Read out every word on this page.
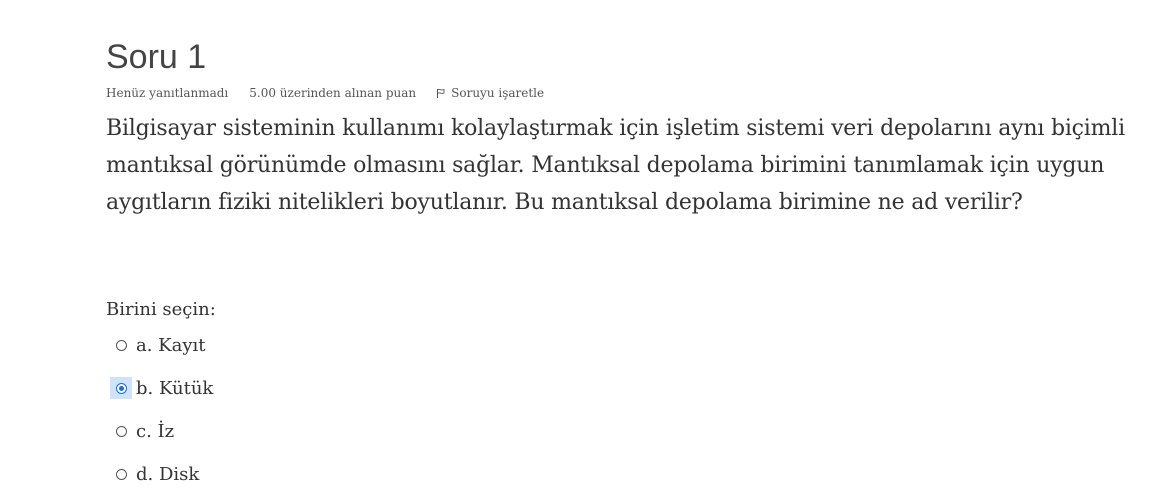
Soru 1
Henüz yanıtlanmadı 5.00 üzerinden alınan puan	Soruyu işaretle

Bilgisayar sisteminin kullanımı kolaylaştırmak için işletim sistemi veri depolarını aynı biçimli mantıksal görünümde olmasını sağlar. Mantıksal depolama birimini tanımlamak için uygun aygıtların fiziki nitelikleri boyutlanır. Bu mantıksal depolama birimine ne ad verilir?

Birini seçin:
a. Kayıt
b. Kütük
c. İz
d. Disk
